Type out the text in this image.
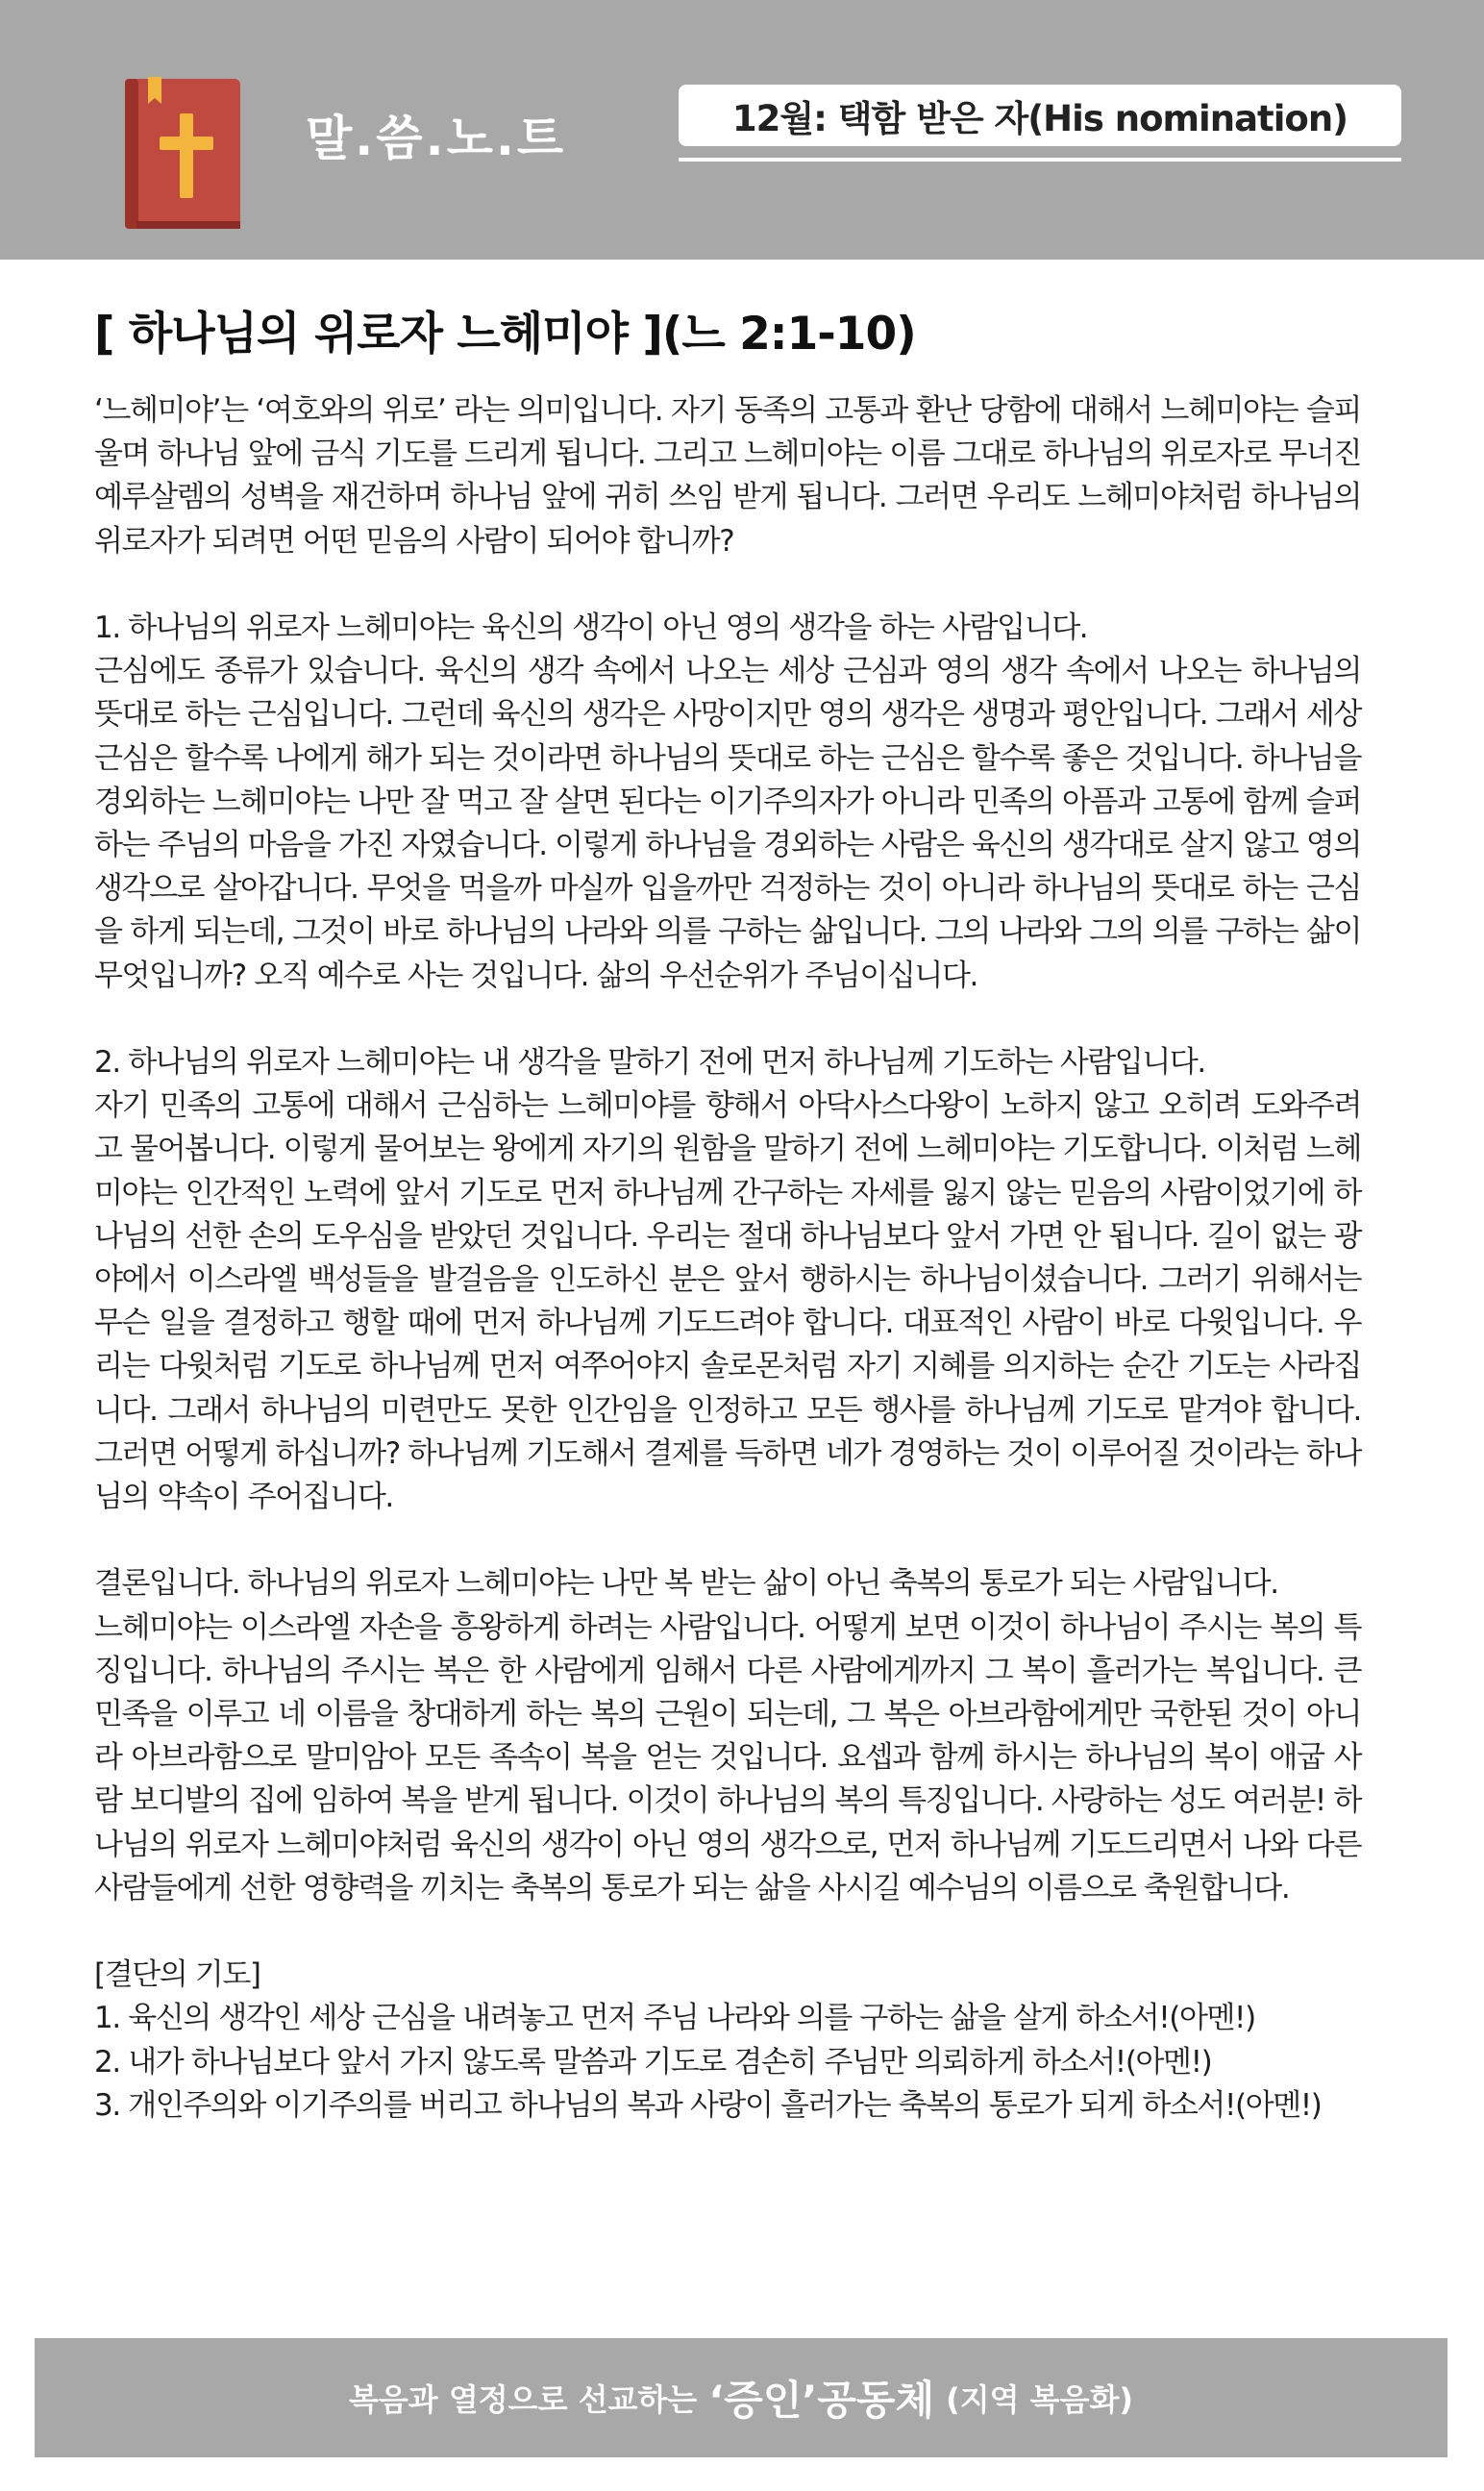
말.씀.노.트	12월: 택함 받은 자(His nomination)
[ 하나님의 위로자 느헤미야 ](느 2:1-10)

‘느헤미야’는 ‘여호와의 위로’ 라는 의미입니다. 자기 동족의 고통과 환난 당함에 대해서 느헤미야는 슬피 울며 하나님 앞에 금식 기도를 드리게 됩니다. 그리고 느헤미야는 이름 그대로 하나님의 위로자로 무너진 예루살렘의 성벽을 재건하며 하나님 앞에 귀히 쓰임 받게 됩니다. 그러면 우리도 느헤미야처럼 하나님의 위로자가 되려면 어떤 믿음의 사람이 되어야 합니까?

1. 하나님의 위로자 느헤미야는 육신의 생각이 아닌 영의 생각을 하는 사람입니다.

근심에도 종류가 있습니다. 육신의 생각 속에서 나오는 세상 근심과 영의 생각 속에서 나오는 하나님의 뜻대로 하는 근심입니다. 그런데 육신의 생각은 사망이지만 영의 생각은 생명과 평안입니다. 그래서 세상 근심은 할수록 나에게 해가 되는 것이라면 하나님의 뜻대로 하는 근심은 할수록 좋은 것입니다. 하나님을 경외하는 느헤미야는 나만 잘 먹고 잘 살면 된다는 이기주의자가 아니라 민족의 아픔과 고통에 함께 슬퍼하는 주님의 마음을 가진 자였습니다. 이렇게 하나님을 경외하는 사람은 육신의 생각대로 살지 않고 영의 생각으로 살아갑니다. 무엇을 먹을까 마실까 입을까만 걱정하는 것이 아니라 하나님의 뜻대로 하는 근심을 하게 되는데, 그것이 바로 하나님의 나라와 의를 구하는 삶입니다. 그의 나라와 그의 의를 구하는 삶이 무엇입니까? 오직 예수로 사는 것입니다. 삶의 우선순위가 주님이십니다.

2. 하나님의 위로자 느헤미야는 내 생각을 말하기 전에 먼저 하나님께 기도하는 사람입니다.

자기 민족의 고통에 대해서 근심하는 느헤미야를 향해서 아닥사스다왕이 노하지 않고 오히려 도와주려고 물어봅니다. 이렇게 물어보는 왕에게 자기의 원함을 말하기 전에 느헤미야는 기도합니다. 이처럼 느헤미야는 인간적인 노력에 앞서 기도로 먼저 하나님께 간구하는 자세를 잃지 않는 믿음의 사람이었기에 하나님의 선한 손의 도우심을 받았던 것입니다. 우리는 절대 하나님보다 앞서 가면 안 됩니다. 길이 없는 광야에서 이스라엘 백성들을 발걸음을 인도하신 분은 앞서 행하시는 하나님이셨습니다. 그러기 위해서는 무슨 일을 결정하고 행할 때에 먼저 하나님께 기도드려야 합니다. 대표적인 사람이 바로 다윗입니다. 우리는 다윗처럼 기도로 하나님께 먼저 여쭈어야지 솔로몬처럼 자기 지혜를 의지하는 순간 기도는 사라집니다. 그래서 하나님의 미련만도 못한 인간임을 인정하고 모든 행사를 하나님께 기도로 맡겨야 합니다. 그러면 어떻게 하십니까? 하나님께 기도해서 결제를 득하면 네가 경영하는 것이 이루어질 것이라는 하나님의 약속이 주어집니다.

결론입니다. 하나님의 위로자 느헤미야는 나만 복 받는 삶이 아닌 축복의 통로가 되는 사람입니다.

느헤미야는 이스라엘 자손을 흥왕하게 하려는 사람입니다. 어떻게 보면 이것이 하나님이 주시는 복의 특징입니다. 하나님의 주시는 복은 한 사람에게 임해서 다른 사람에게까지 그 복이 흘러가는 복입니다. 큰 민족을 이루고 네 이름을 창대하게 하는 복의 근원이 되는데, 그 복은 아브라함에게만 국한된 것이 아니라 아브라함으로 말미암아 모든 족속이 복을 얻는 것입니다. 요셉과 함께 하시는 하나님의 복이 애굽 사람 보디발의 집에 임하여 복을 받게 됩니다. 이것이 하나님의 복의 특징입니다. 사랑하는 성도 여러분! 하나님의 위로자 느헤미야처럼 육신의 생각이 아닌 영의 생각으로, 먼저 하나님께 기도드리면서 나와 다른 사람들에게 선한 영향력을 끼치는 축복의 통로가 되는 삶을 사시길 예수님의 이름으로 축원합니다.

[결단의 기도]

1. 육신의 생각인 세상 근심을 내려놓고 먼저 주님 나라와 의를 구하는 삶을 살게 하소서!(아멘!)

2. 내가 하나님보다 앞서 가지 않도록 말씀과 기도로 겸손히 주님만 의뢰하게 하소서!(아멘!)

3. 개인주의와 이기주의를 버리고 하나님의 복과 사랑이 흘러가는 축복의 통로가 되게 하소서!(아멘!)

복음과 열정으로 선교하는 ‘증인’공동체 (지역 복음화)
